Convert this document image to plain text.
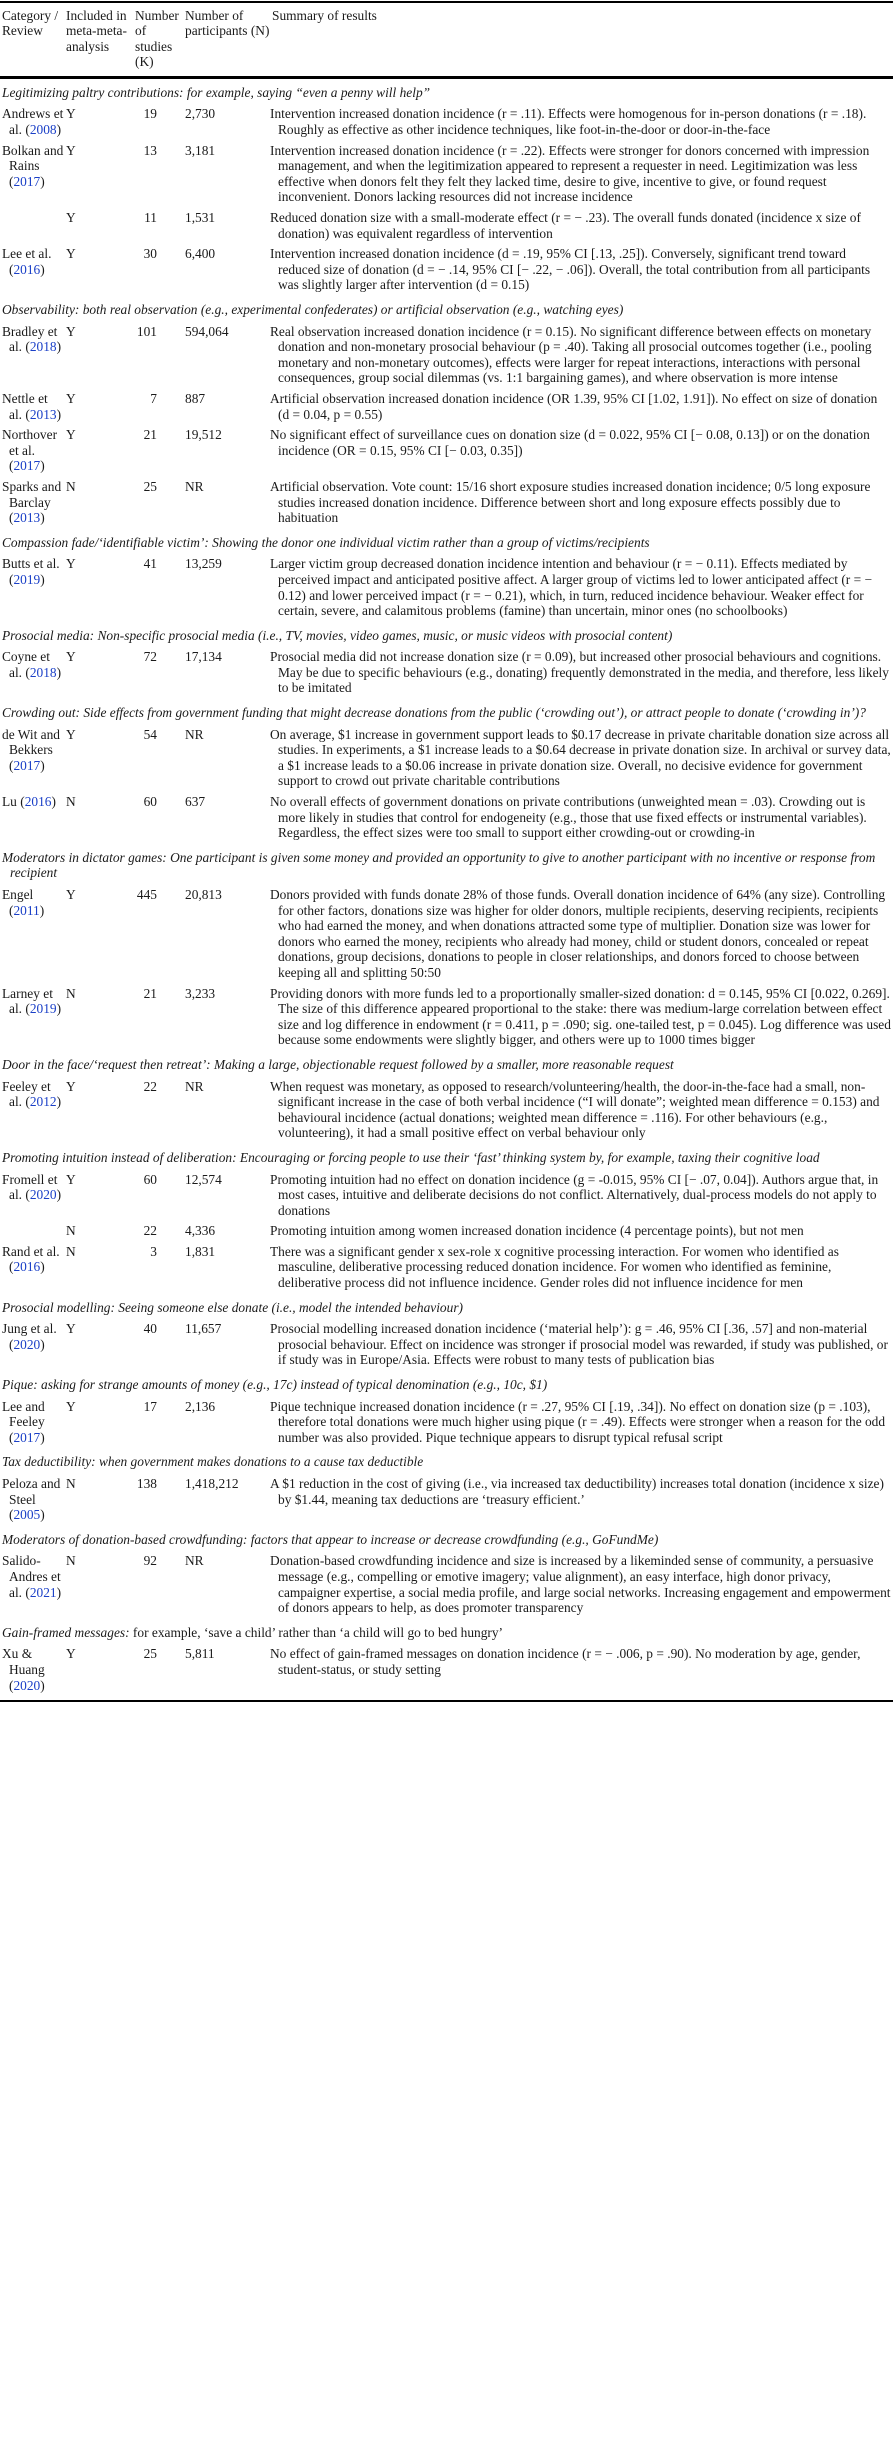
Category / Review	Included in meta-meta-analysis	Number of studies (K)	Number of participants (N)	Summary of results

Legitimizing paltry contributions: for example, saying “even a penny will help”				

Andrews et al. (2008)	Y	19	2,730	Intervention increased donation incidence (r = .11). Effects were homogenous for in-person donations (r = .18). Roughly as effective as other incidence techniques, like foot-in-the-door or door-in-the-face

Bolkan and Rains (2017)	Y	13	3,181	Intervention increased donation incidence (r = .22). Effects were stronger for donors concerned with impression management, and when the legitimization appeared to represent a requester in need. Legitimization was less effective when donors felt they felt they lacked time, desire to give, incentive to give, or found request inconvenient. Donors lacking resources did not increase incidence

	Y	11	1,531	Reduced donation size with a small-moderate effect (r = − .23). The overall funds donated (incidence x size of donation) was equivalent regardless of intervention

Lee et al. (2016)	Y	30	6,400	Intervention increased donation incidence (d = .19, 95% CI [.13, .25]). Conversely, significant trend toward reduced size of donation (d = − .14, 95% CI [− .22, − .06]). Overall, the total contribution from all participants was slightly larger after intervention (d = 0.15)

Observability: both real observation (e.g., experimental confederates) or artificial observation (e.g., watching eyes)				

Bradley et al. (2018)	Y	101	594,064	Real observation increased donation incidence (r = 0.15). No significant difference between effects on monetary donation and non-monetary prosocial behaviour (p = .40). Taking all prosocial outcomes together (i.e., pooling monetary and non-monetary outcomes), effects were larger for repeat interactions, interactions with personal consequences, group social dilemmas (vs. 1:1 bargaining games), and where observation is more intense

Nettle et al. (2013)	Y	7	887	Artificial observation increased donation incidence (OR 1.39, 95% CI [1.02, 1.91]). No effect on size of donation (d = 0.04, p = 0.55)

Northover et al. (2017)	Y	21	19,512	No significant effect of surveillance cues on donation size (d = 0.022, 95% CI [− 0.08, 0.13]) or on the donation incidence (OR = 0.15, 95% CI [− 0.03, 0.35])

Sparks and Barclay (2013)	N	25	NR	Artificial observation. Vote count: 15/16 short exposure studies increased donation incidence; 0/5 long exposure studies increased donation incidence. Difference between short and long exposure effects possibly due to habituation

Compassion fade/‘identifiable victim’: Showing the donor one individual victim rather than a group of victims/recipients				

Butts et al. (2019)	Y	41	13,259	Larger victim group decreased donation incidence intention and behaviour (r = − 0.11). Effects mediated by perceived impact and anticipated positive affect. A larger group of victims led to lower anticipated affect (r = − 0.12) and lower perceived impact (r = − 0.21), which, in turn, reduced incidence behaviour. Weaker effect for certain, severe, and calamitous problems (famine) than uncertain, minor ones (no schoolbooks)

Prosocial media: Non-specific prosocial media (i.e., TV, movies, video games, music, or music videos with prosocial content)				

Coyne et al. (2018)	Y	72	17,134	Prosocial media did not increase donation size (r = 0.09), but increased other prosocial behaviours and cognitions. May be due to specific behaviours (e.g., donating) frequently demonstrated in the media, and therefore, less likely to be imitated

Crowding out: Side effects from government funding that might decrease donations from the public (‘crowding out’), or attract people to donate (‘crowding in’)?				

de Wit and Bekkers (2017)	Y	54	NR	On average, $1 increase in government support leads to $0.17 decrease in private charitable donation size across all studies. In experiments, a $1 increase leads to a $0.64 decrease in private donation size. In archival or survey data, a $1 increase leads to a $0.06 increase in private donation size. Overall, no decisive evidence for government support to crowd out private charitable contributions

Lu (2016)	N	60	637	No overall effects of government donations on private contributions (unweighted mean = .03). Crowding out is more likely in studies that control for endogeneity (e.g., those that use fixed effects or instrumental variables). Regardless, the effect sizes were too small to support either crowding-out or crowding-in

Moderators in dictator games: One participant is given some money and provided an opportunity to give to another participant with no incentive or response from recipient				

Engel (2011)	Y	445	20,813	Donors provided with funds donate 28% of those funds. Overall donation incidence of 64% (any size). Controlling for other factors, donations size was higher for older donors, multiple recipients, deserving recipients, recipients who had earned the money, and when donations attracted some type of multiplier. Donation size was lower for donors who earned the money, recipients who already had money, child or student donors, concealed or repeat donations, group decisions, donations to people in closer relationships, and donors forced to choose between keeping all and splitting 50:50

Larney et al. (2019)	N	21	3,233	Providing donors with more funds led to a proportionally smaller-sized donation: d = 0.145, 95% CI [0.022, 0.269]. The size of this difference appeared proportional to the stake: there was medium-large correlation between effect size and log difference in endowment (r = 0.411, p = .090; sig. one-tailed test, p = 0.045). Log difference was used because some endowments were slightly bigger, and others were up to 1000 times bigger

Door in the face/‘request then retreat’: Making a large, objectionable request followed by a smaller, more reasonable request				

Feeley et al. (2012)	Y	22	NR	When request was monetary, as opposed to research/volunteering/health, the door-in-the-face had a small, non-significant increase in the case of both verbal incidence (“I will donate”; weighted mean difference = 0.153) and behavioural incidence (actual donations; weighted mean difference = .116). For other behaviours (e.g., volunteering), it had a small positive effect on verbal behaviour only

Promoting intuition instead of deliberation: Encouraging or forcing people to use their ‘fast’ thinking system by, for example, taxing their cognitive load				

Fromell et al. (2020)	Y	60	12,574	Promoting intuition had no effect on donation incidence (g = -0.015, 95% CI [− .07, 0.04]). Authors argue that, in most cases, intuitive and deliberate decisions do not conflict. Alternatively, dual-process models do not apply to donations

	N	22	4,336	Promoting intuition among women increased donation incidence (4 percentage points), but not men

Rand et al. (2016)	N	3	1,831	There was a significant gender x sex-role x cognitive processing interaction. For women who identified as masculine, deliberative processing reduced donation incidence. For women who identified as feminine, deliberative process did not influence incidence. Gender roles did not influence incidence for men

Prosocial modelling: Seeing someone else donate (i.e., model the intended behaviour)				

Jung et al. (2020)	Y	40	11,657	Prosocial modelling increased donation incidence (‘material help’): g = .46, 95% CI [.36, .57] and non-material prosocial behaviour. Effect on incidence was stronger if prosocial model was rewarded, if study was published, or if study was in Europe/Asia. Effects were robust to many tests of publication bias

Pique: asking for strange amounts of money (e.g., 17c) instead of typical denomination (e.g., 10c, $1)				

Lee and Feeley (2017)	Y	17	2,136	Pique technique increased donation incidence (r = .27, 95% CI [.19, .34]). No effect on donation size (p = .103), therefore total donations were much higher using pique (r = .49). Effects were stronger when a reason for the odd number was also provided. Pique technique appears to disrupt typical refusal script

Tax deductibility: when government makes donations to a cause tax deductible				

Peloza and Steel (2005)	N	138	1,418,212	A $1 reduction in the cost of giving (i.e., via increased tax deductibility) increases total donation (incidence x size) by $1.44, meaning tax deductions are ‘treasury efficient.’

Moderators of donation-based crowdfunding: factors that appear to increase or decrease crowdfunding (e.g., GoFundMe)				

Salido-Andres et al. (2021)	N	92	NR	Donation-based crowdfunding incidence and size is increased by a likeminded sense of community, a persuasive message (e.g., compelling or emotive imagery; value alignment), an easy interface, high donor privacy, campaigner expertise, a social media profile, and large social networks. Increasing engagement and empowerment of donors appears to help, as does promoter transparency

Gain-framed messages: for example, ‘save a child’ rather than ‘a child will go to bed hungry’				

Xu & Huang (2020)	Y	25	5,811	No effect of gain-framed messages on donation incidence (r = − .006, p = .90). No moderation by age, gender, student-status, or study setting
